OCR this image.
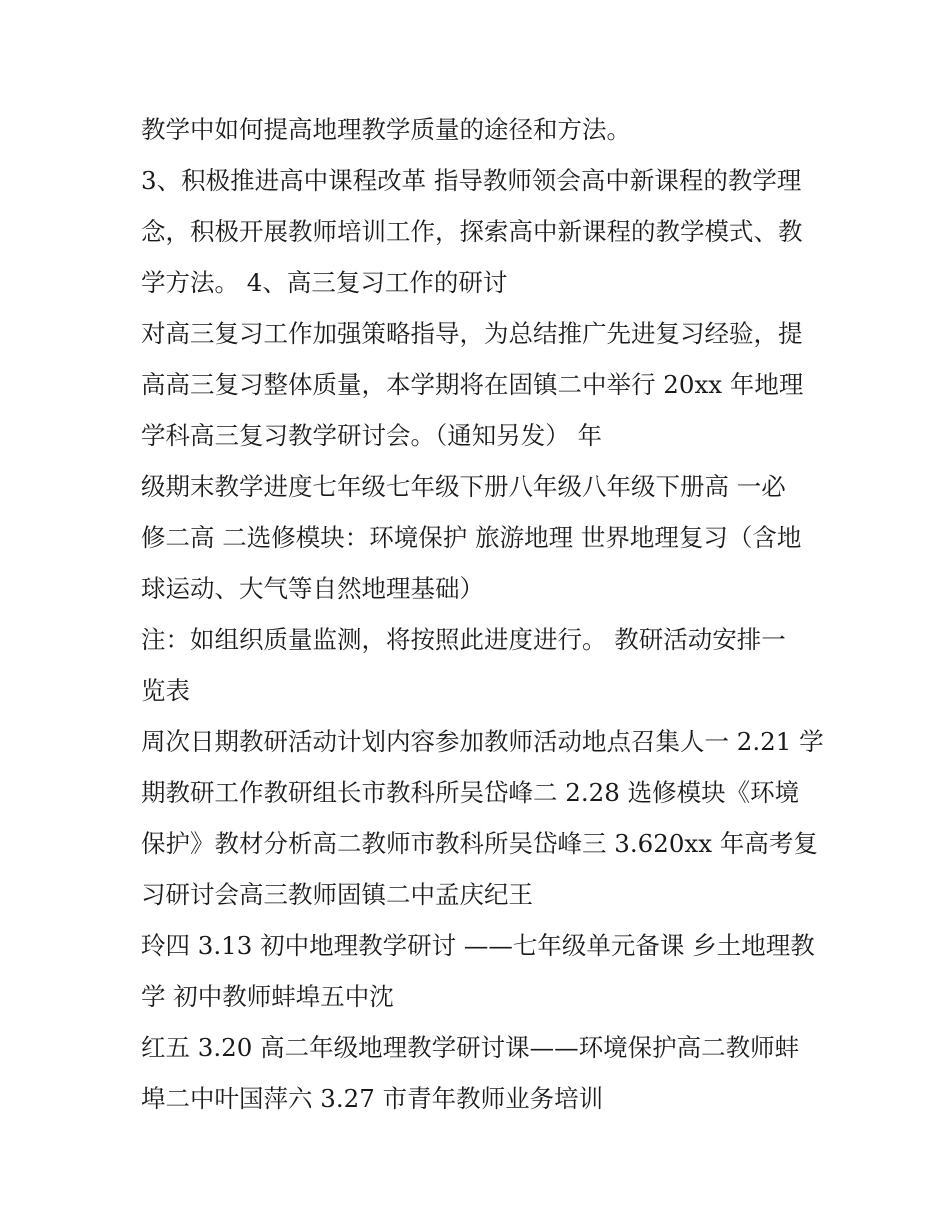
教学中如何提高地理教学质量的途径和方法。
3、积极推进高中课程改革 指导教师领会高中新课程的教学理
念，积极开展教师培训工作，探索高中新课程的教学模式、教
学方法。 4、高三复习工作的研讨
对高三复习工作加强策略指导，为总结推广先进复习经验，提
高高三复习整体质量，本学期将在固镇二中举行 20xx 年地理
学科高三复习教学研讨会。（通知另发） 年
级期末教学进度七年级七年级下册八年级八年级下册高 一必
修二高 二选修模块：环境保护 旅游地理 世界地理复习（含地
球运动、大气等自然地理基础）
注：如组织质量监测，将按照此进度进行。 教研活动安排一
览表
周次日期教研活动计划内容参加教师活动地点召集人一 2.21 学
期教研工作教研组长市教科所吴岱峰二 2.28 选修模块《环境
保护》教材分析高二教师市教科所吴岱峰三 3.620xx 年高考复
习研讨会高三教师固镇二中孟庆纪王
玲四 3.13 初中地理教学研讨 ——七年级单元备课 乡土地理教
学 初中教师蚌埠五中沈
红五 3.20 高二年级地理教学研讨课——环境保护高二教师蚌
埠二中叶国萍六 3.27 市青年教师业务培训
